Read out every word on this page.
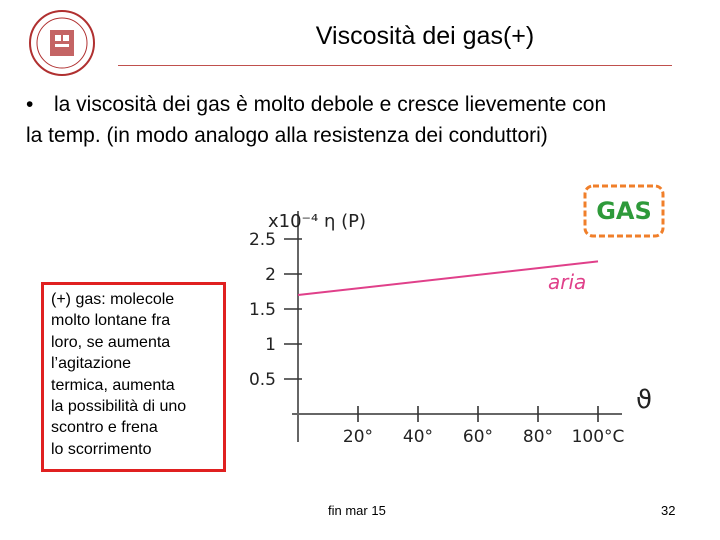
Viscosità dei gas(+)
• la viscosità dei gas è molto debole e cresce lievemente con
la temp. (in modo analogo alla resistenza dei conduttori)
0.5
1
1.5
2
2.5
20° 40° 60° 80° 100°C
x10⁻⁴ η (P)
ϑ
aria
GAS
(+) gas: molecole
molto lontane fra
loro, se aumenta
l’agitazione
termica, aumenta
la possibilità di uno
scontro e frena
lo scorrimento
fin mar 15	32
